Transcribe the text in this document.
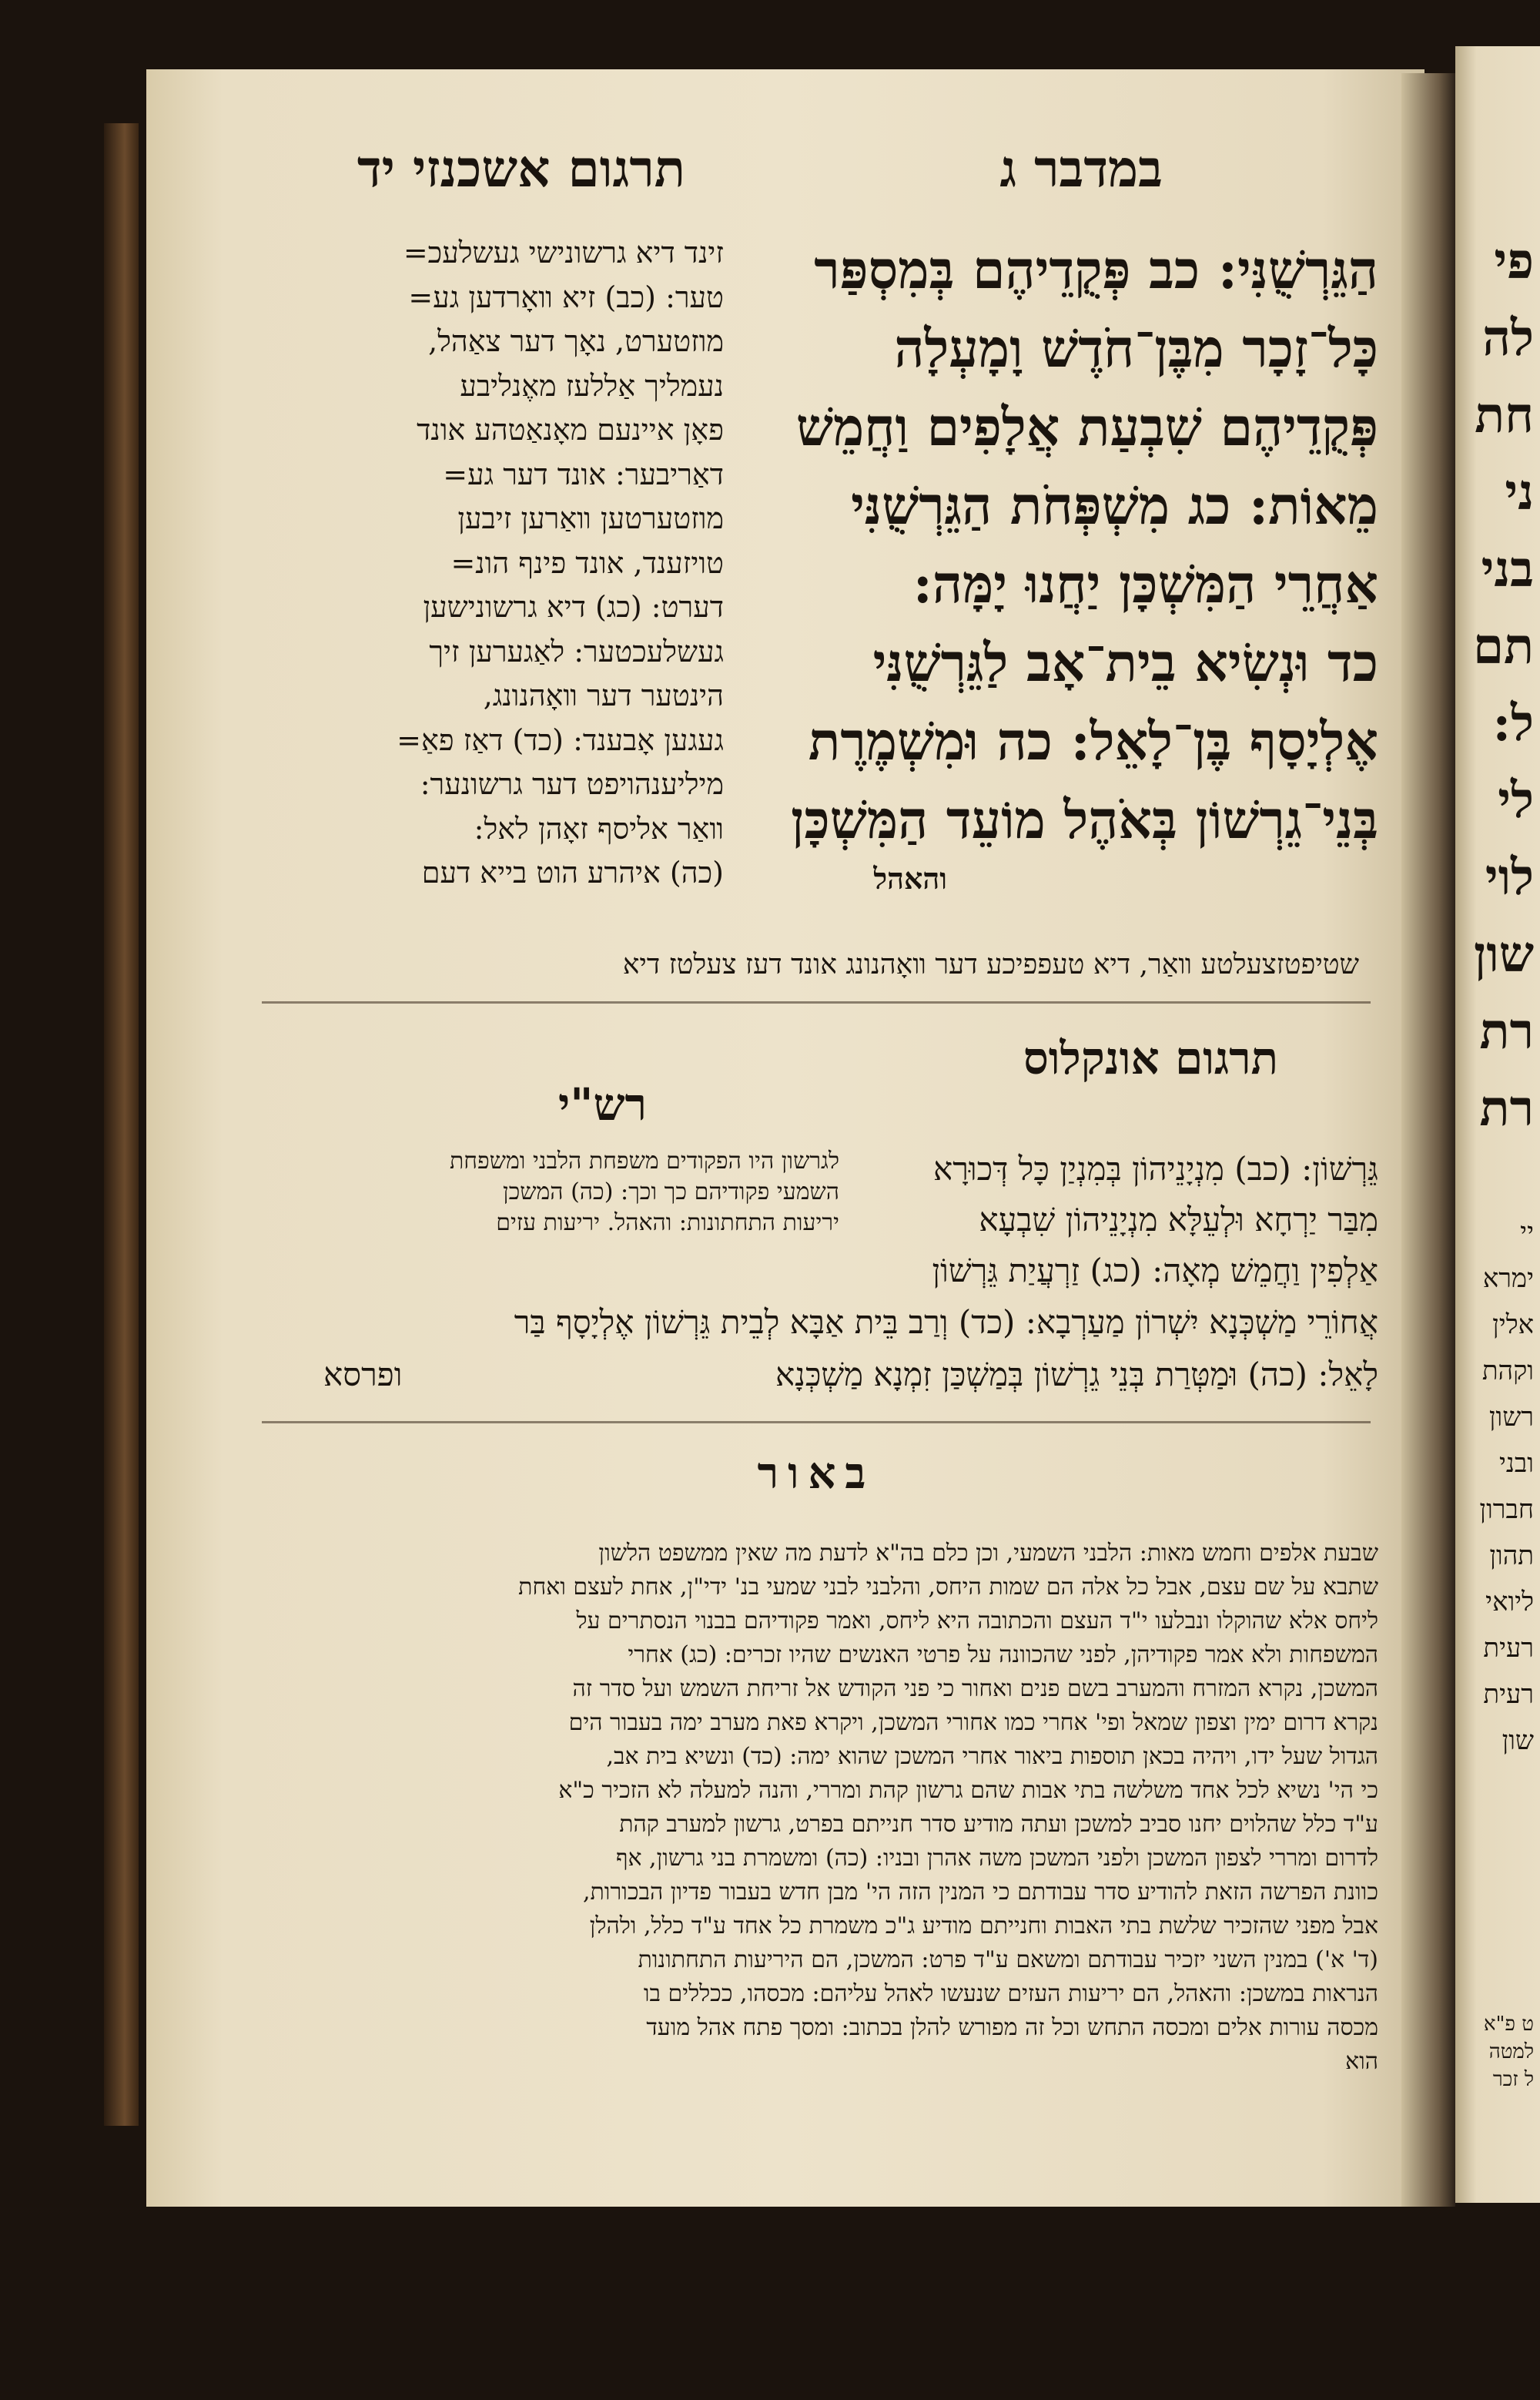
פי
לה
חת
ני
בני
תם
ל:
לי
לוי
שון
רת
רת
יי
ימרא
אלין
וקהת
רשון
ובני
חברון
תהון
ליואי
רעית
רעית
שון
ט פ"א
למטה
ל זכר
תרגום אשכנזי יד	במדבר ג
הַגֵּרְשֻׁנִּי: כב פְּקֻדֵיהֶם בְּמִסְפַּר
כָּל־זָכָר מִבֶּן־חֹדֶשׁ וָמָעְלָה
פְּקֻדֵיהֶם שִׁבְעַת אֲלָפִים וַחֲמֵשׁ
מֵאוֹת: כג מִשְׁפְּחֹת הַגֵּרְשֻׁנִּי
אַחֲרֵי הַמִּשְׁכָּן יַחֲנוּ יָמָּה:
כד וּנְשִׂיא בֵית־אָב לַגֵּרְשֻׁנִּי
אֶלְיָסָף בֶּן־לָאֵל: כה וּמִשְׁמֶרֶת
בְּנֵי־גֵרְשׁוֹן בְּאֹהֶל מוֹעֵד הַמִּשְׁכָּן
והאהל
זינד דיא גרשונישי געשלעכ=
טער: (כב) זיא װאָרדען גע=
מוזטערט, נאָך דער צאַהל,
נעמליך אַללעז מאֶנליבע
פאָן איינעם מאָנאַטהע אונד
דאַריבער: אונד דער גע=
מוזטערטען װאַרען זיבען
טויזענד, אונד פינף הונ=
דערט: (כג) דיא גרשונישען
געשלעכטער: לאַגערען זיך
הינטער דער װאָהנונג,
געגען אָבענד: (כד) דאַז פאַ=
מיליענהויפט דער גרשונער:
װאַר אליסף זאָהן לאל:
(כה) איהרע הוט בייא דעם
שטיפטזצעלטע װאַר, דיא טעפפיכע דער װאָהנונג אונד דעז צעלטז דיא
תרגום אונקלוס
רש"י
גֵּרְשׁוֹן: (כב) מִנְיָנֵיהוֹן בְּמִנְיַן כָּל דְּכוּרָא
מִבַּר יַרְחָא וּלְעֵלָּא מִנְיָנֵיהוֹן שִׁבְעָא
אַלְפִין וַחֲמֵשׁ מְאָה: (כג) זַרְעֲיַת גֵּרְשׁוֹן
לגרשון היו הפקודים משפחת הלבני ומשפחת
השמעי פקודיהם כך וכך: (כה) המשכן
יריעות התחתונות: והאהל. יריעות עזים
אֲחוֹרֵי מַשְׁכְּנָא יִשְׁרוֹן מַעַרְבָא: (כד) וְרַב בֵּית אַבָּא לְבֵית גֵּרְשׁוֹן אֶלְיָסָף בַּר
לָאֵל: (כה) וּמַטְּרַת בְּנֵי גֵרְשׁוֹן בְּמַשְׁכַּן זִמְנָא מַשְׁכְּנָא
ופרסא
באור
שבעת אלפים וחמש מאות: הלבני השמעי, וכן כלם בה"א לדעת מה שאין ממשפט הלשון
שתבא על שם עצם, אבל כל אלה הם שמות היחס, והלבני לבני שמעי בנ' ידי"ן, אחת לעצם ואחת
ליחס אלא שהוקלו ונבלעו י"ד העצם והכתובה היא ליחס, ואמר פקודיהם בבנוי הנסתרים על
המשפחות ולא אמר פקודיהן, לפני שהכוונה על פרטי האנשים שהיו זכרים: (כג) אחרי
המשכן, נקרא המזרח והמערב בשם פנים ואחור כי פני הקודש אל זריחת השמש ועל סדר זה
נקרא דרום ימין וצפון שמאל ופי' אחרי כמו אחורי המשכן, ויקרא פאת מערב ימה בעבור הים
הגדול שעל ידו, ויהיה בכאן תוספות ביאור אחרי המשכן שהוא ימה: (כד) ונשיא בית אב,
כי הי' נשיא לכל אחד משלשה בתי אבות שהם גרשון קהת ומררי, והנה למעלה לא הזכיר כ"א
ע"ד כלל שהלוים יחנו סביב למשכן ועתה מודיע סדר חנייתם בפרט, גרשון למערב קהת
לדרום ומררי לצפון המשכן ולפני המשכן משה אהרן ובניו: (כה) ומשמרת בני גרשון, אף
כוונת הפרשה הזאת להודיע סדר עבודתם כי המנין הזה הי' מבן חדש בעבור פדיון הבכורות,
אבל מפני שהזכיר שלשת בתי האבות וחנייתם מודיע ג"כ משמרת כל אחד ע"ד כלל, ולהלן
(ד' א') במנין השני יזכיר עבודתם ומשאם ע"ד פרט: המשכן, הם היריעות התחתונות
הנראות במשכן: והאהל, הם יריעות העזים שנעשו לאהל עליהם: מכסהו, ככללים בו
מכסה עורות אלים ומכסה התחש וכל זה מפורש להלן בכתוב: ומסך פתח אהל מועד
הוא
